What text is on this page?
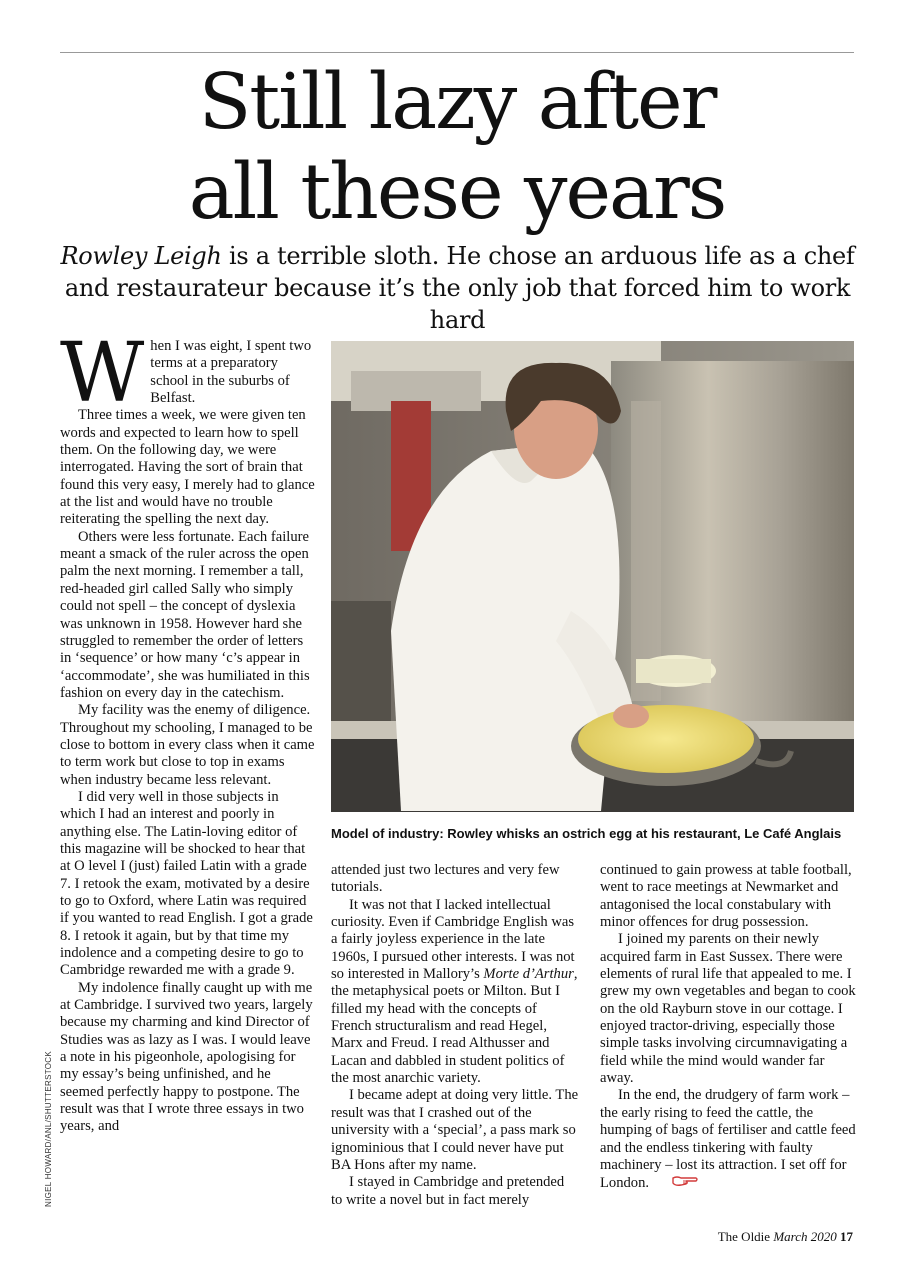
Still lazy after
all these years

Rowley Leigh is a terrible sloth. He chose an arduous life as a chef and restaurateur because it’s the only job that forced him to work hard

When I was eight, I spent two terms at a preparatory school in the suburbs of Belfast.

Three times a week, we were given ten words and expected to learn how to spell them. On the following day, we were interrogated. Having the sort of brain that found this very easy, I merely had to glance at the list and would have no trouble reiterating the spelling the next day.

Others were less fortunate. Each failure meant a smack of the ruler across the open palm the next morning. I remember a tall, red-headed girl called Sally who simply could not spell – the concept of dyslexia was unknown in 1958. However hard she struggled to remember the order of letters in ‘sequence’ or how many ‘c’s appear in ‘accommodate’, she was humiliated in this fashion on every day in the catechism.

My facility was the enemy of diligence. Throughout my schooling, I managed to be close to bottom in every class when it came to term work but close to top in exams when industry became less relevant.

I did very well in those subjects in which I had an interest and poorly in anything else. The Latin-loving editor of this magazine will be shocked to hear that at O level I (just) failed Latin with a grade 7. I retook the exam, motivated by a desire to go to Oxford, where Latin was required if you wanted to read English. I got a grade 8. I retook it again, but by that time my indolence and a competing desire to go to Cambridge rewarded me with a grade 9.

My indolence finally caught up with me at Cambridge. I survived two years, largely because my charming and kind Director of Studies was as lazy as I was. I would leave a note in his pigeonhole, apologising for my essay’s being unfinished, and he seemed perfectly happy to postpone. The result was that I wrote three essays in two years, and

Model of industry: Rowley whisks an ostrich egg at his restaurant, Le Café Anglais

attended just two lectures and very few tutorials.

It was not that I lacked intellectual curiosity. Even if Cambridge English was a fairly joyless experience in the late 1960s, I pursued other interests. I was not so interested in Mallory’s Morte d’Arthur, the metaphysical poets or Milton. But I filled my head with the concepts of French structuralism and read Hegel, Marx and Freud. I read Althusser and Lacan and dabbled in student politics of the most anarchic variety.

I became adept at doing very little. The result was that I crashed out of the university with a ‘special’, a pass mark so ignominious that I could never have put BA Hons after my name.

I stayed in Cambridge and pretended to write a novel but in fact merely

continued to gain prowess at table football, went to race meetings at Newmarket and antagonised the local constabulary with minor offences for drug possession.

I joined my parents on their newly acquired farm in East Sussex. There were elements of rural life that appealed to me. I grew my own vegetables and began to cook on the old Rayburn stove in our cottage. I enjoyed tractor-driving, especially those simple tasks involving circumnavigating a field while the mind would wander far away.

In the end, the drudgery of farm work – the early rising to feed the cattle, the humping of bags of fertiliser and cattle feed and the endless tinkering with faulty machinery – lost its attraction. I set off for London.

NIGEL HOWARD/ANL/SHUTTERSTOCK
The Oldie March 2020 17
